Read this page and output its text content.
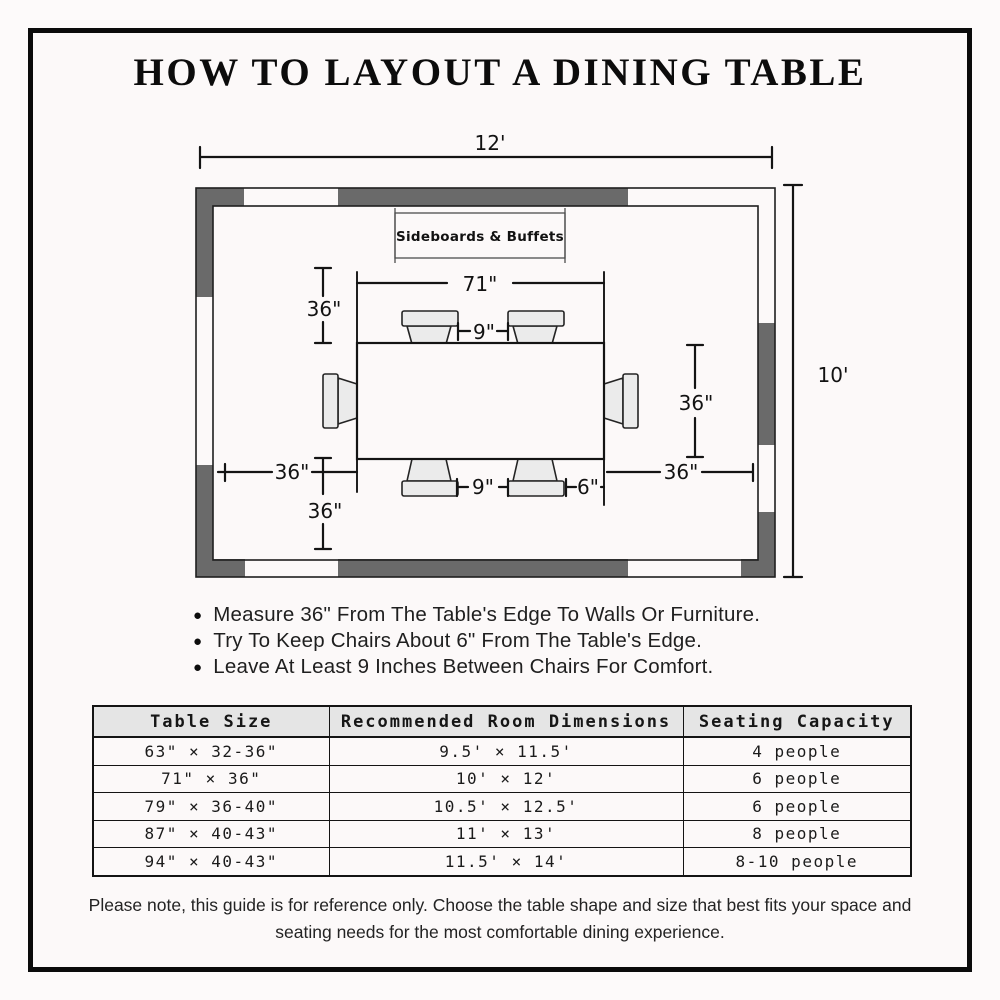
HOW TO LAYOUT A DINING TABLE
12'
10'
Sideboards & Buffets
71"
36"
9"
36"
36"
9"	6"
36"
36"
● Measure 36" From The Table's Edge To Walls Or Furniture.
● Try To Keep Chairs About 6" From The Table's Edge.
● Leave At Least 9 Inches Between Chairs For Comfort.
Table Size	Recommended Room Dimensions	Seating Capacity
63" × 32-36"	9.5' × 11.5'	4 people
71" × 36"	10' × 12'	6 people
79" × 36-40"	10.5' × 12.5'	6 people
87" × 40-43"	11' × 13'	8 people
94" × 40-43"	11.5' × 14'	8-10 people
Please note, this guide is for reference only. Choose the table shape and size that best fits your space and seating needs for the most comfortable dining experience.
